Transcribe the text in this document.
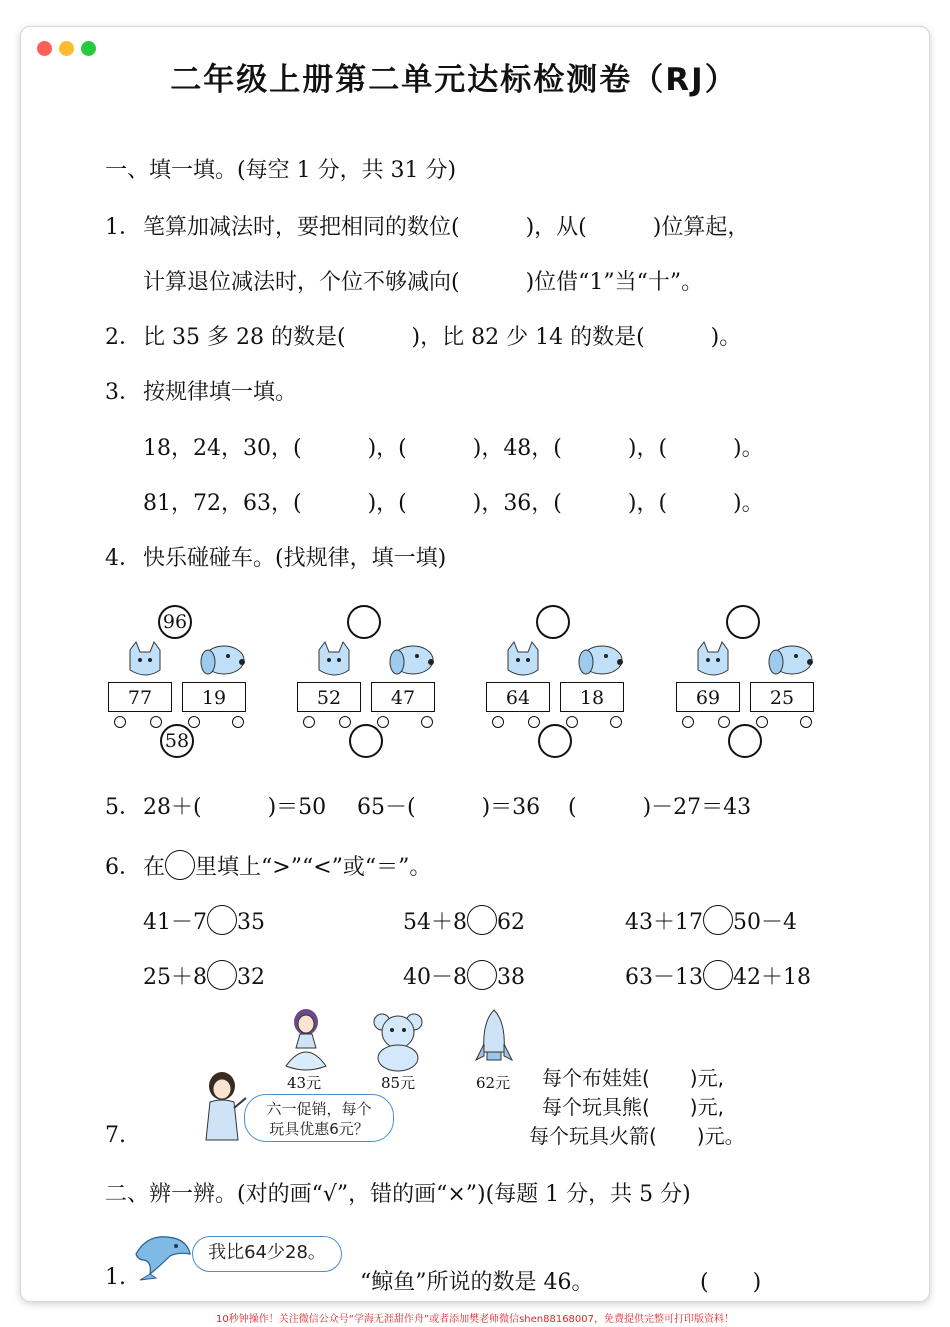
二年级上册第二单元达标检测卷（RJ）
一、填一填。(每空 1 分，共 31 分)
1． 笔算加减法时，要把相同的数位(　　　)，从(　　　)位算起，
计算退位减法时，个位不够减向(　　　)位借“1”当“十”。
2． 比 35 多 28 的数是(　　　)，比 82 少 14 的数是(　　　)。
3． 按规律填一填。
18，24，30，(　　　)，(　　　)，48，(　　　)，(　　　)。
81，72，63，(　　　)，(　　　)，36，(　　　)，(　　　)。
4． 快乐碰碰车。(找规律，填一填)
96
77	19
58
52	47	64	18	69	25
5． 28＋(　　　)＝50 65－(　　　)＝36 (　　　)－27＝43
6． 在 里填上“>”“<”或“＝”。
41－7 35	54＋8 62	43＋17 50－4
25＋8 32	40－8 38	63－13 42＋18
7.
六一促销，每个
玩具优惠6元？
43元	85元	62元 每个布娃娃(　　)元,
每个玩具熊(　　)元,
每个玩具火箭(　　)元。
二、辨一辨。(对的画“√”，错的画“×”)(每题 1 分，共 5 分)
1.
我比64少28。
“鲸鱼”所说的数是 46。	(　　)
10秒钟操作！关注微信公众号“学海无涯甜作舟”或者添加樊老师微信shen88168007，免费提供完整可打印版资料！
